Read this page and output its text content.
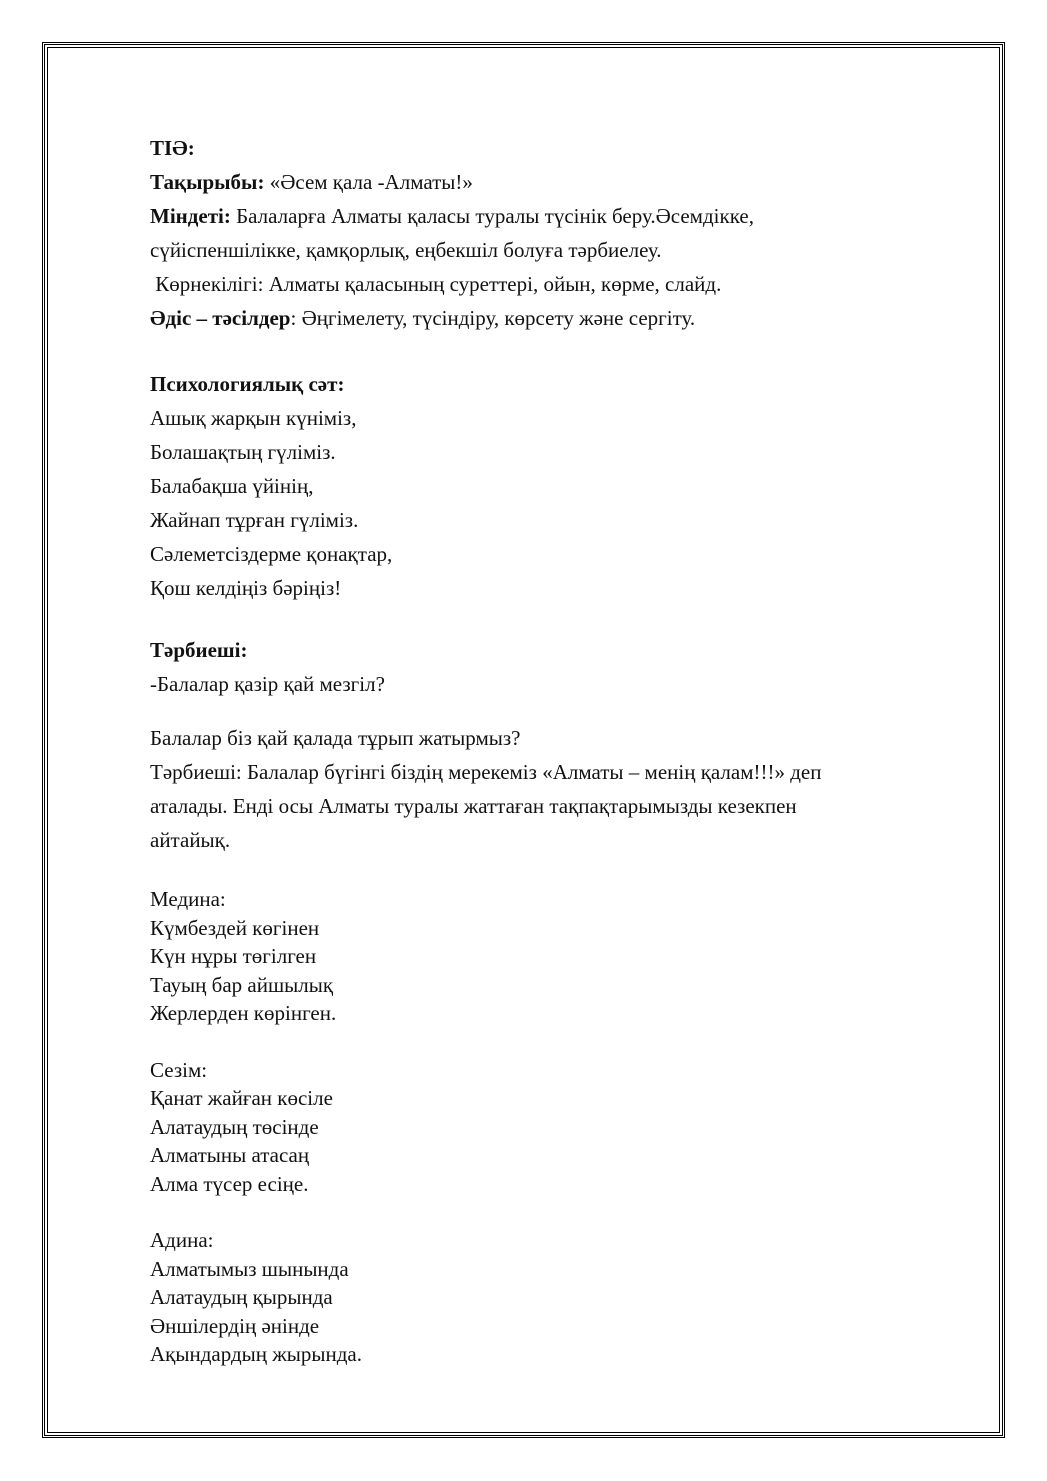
ТІӘ:
Тақырыбы: «Әсем қала -Алматы!»
Міндеті: Балаларға Алматы қаласы туралы түсінік беру.Әсемдікке,
сүйіспеншілікке, қамқорлық, еңбекшіл болуға тәрбиелеу.
Көрнекілігі: Алматы қаласының суреттері, ойын, көрме, слайд.
Әдіс – тәсілдер: Әңгімелету, түсіндіру, көрсету және сергіту.
Психологиялық сәт:
Ашық жарқын күніміз,
Болашақтың гүліміз.
Балабақша үйінің,
Жайнап тұрған гүліміз.
Сәлеметсіздерме қонақтар,
Қош келдіңіз бәріңіз!
Тәрбиеші:
-Балалар қазір қай мезгіл?
Балалар біз қай қалада тұрып жатырмыз?
Тәрбиеші: Балалар бүгінгі біздің мерекеміз «Алматы – менің қалам!!!» деп
аталады. Енді осы Алматы туралы жаттаған тақпақтарымызды кезекпен
айтайық.
Медина:
Күмбездей көгінен
Күн нұры төгілген
Тауың бар айшылық
Жерлерден көрінген.
Сезім:
Қанат жайған көсіле
Алатаудың төсінде
Алматыны атасаң
Алма түсер есіңе.
Адина:
Алматымыз шынында
Алатаудың қырында
Әншілердің әнінде
Ақындардың жырында.
